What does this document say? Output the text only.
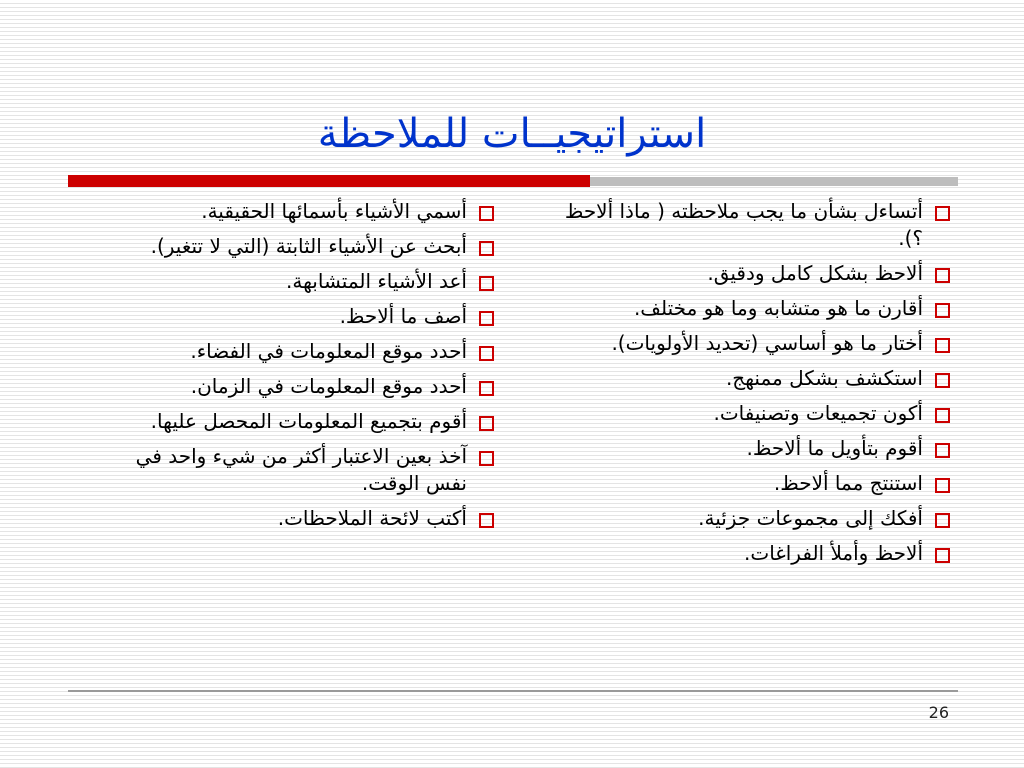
استراتيجيــات للملاحظة
أتساءل بشأن ما يجب ملاحظته ( ماذا ألاحظ ؟).
ألاحظ بشكل كامل ودقيق.
أقارن ما هو متشابه وما هو مختلف.
أختار ما هو أساسي (تحديد الأولويات).
استكشف بشكل ممنهج.
أكون تجميعات وتصنيفات.
أقوم بتأويل ما ألاحظ.
استنتج مما ألاحظ.
أفكك إلى مجموعات جزئية.
ألاحظ وأملأ الفراغات.
أسمي الأشياء بأسمائها الحقيقية.
أبحث عن الأشياء الثابتة (التي لا تتغير).
أعد الأشياء المتشابهة.
أصف ما ألاحظ.
أحدد موقع المعلومات في الفضاء.
أحدد موقع المعلومات في الزمان.
أقوم بتجميع المعلومات المحصل عليها.
آخذ بعين الاعتبار أكثر من شيء واحد في نفس الوقت.
أكتب لائحة الملاحظات.
26
